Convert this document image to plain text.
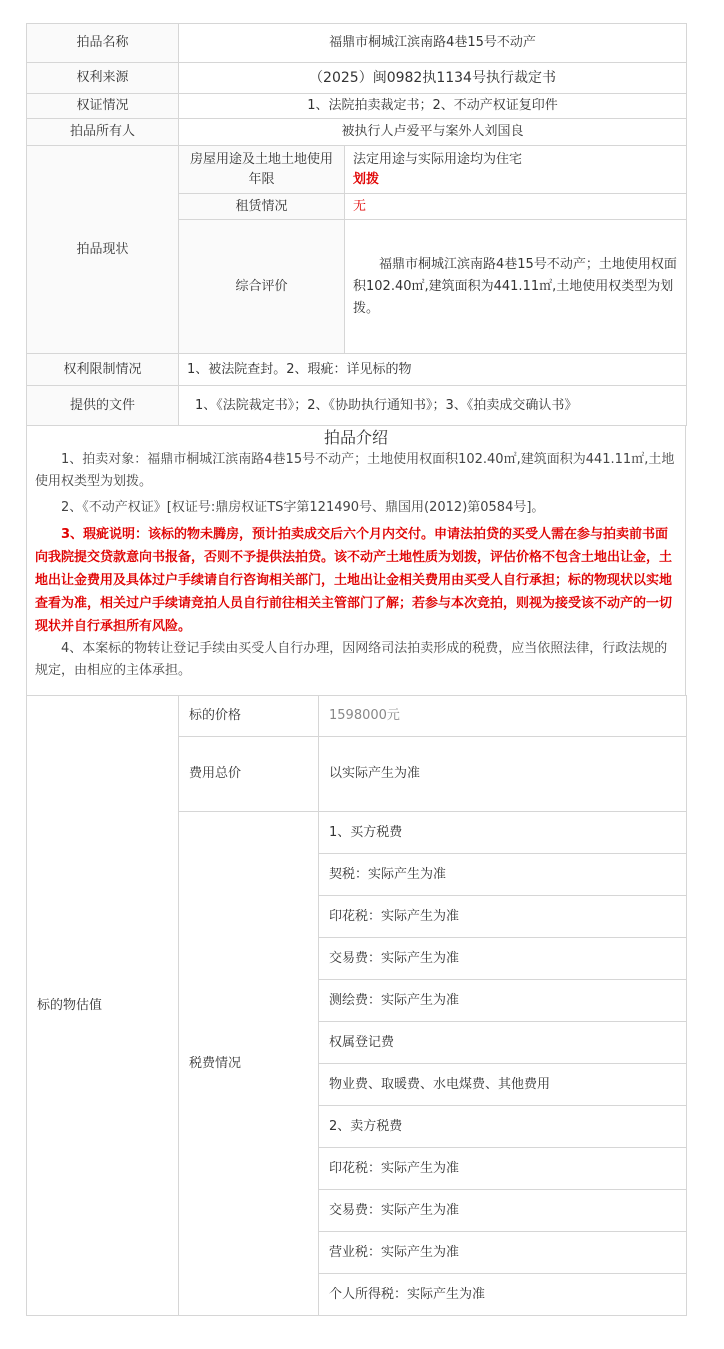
拍品名称	福鼎市桐城江滨南路4巷15号不动产	
权利来源	（2025）闽0982执1134号执行裁定书	
权证情况	1、法院拍卖裁定书；2、不动产权证复印件	
拍品所有人	被执行人卢爱平与案外人刘国良	
拍品现状	房屋用途及土地土地使用年限	法定用途与实际用途均为住宅
划拨

	租赁情况	无
	综合评价	福鼎市桐城江滨南路4巷15号不动产；土地使用权面积102.40㎡,建筑面积为441.11㎡,土地使用权类型为划拨。
权利限制情况	1、被法院查封。2、瑕疵：详见标的物	
提供的文件	1、《法院裁定书》；2、《协助执行通知书》；3、《拍卖成交确认书》	
拍品介绍

1、拍卖对象：福鼎市桐城江滨南路4巷15号不动产；土地使用权面积102.40㎡,建筑面积为441.11㎡,土地使用权类型为划拨。

2、《不动产权证》[权证号:鼎房权证TS字第121490号、鼎国用(2012)第0584号]。

3、瑕疵说明：该标的物未腾房，预计拍卖成交后六个月内交付。申请法拍贷的买受人需在参与拍卖前书面向我院提交贷款意向书报备，否则不予提供法拍贷。该不动产土地性质为划拨，评估价格不包含土地出让金，土地出让金费用及具体过户手续请自行咨询相关部门，土地出让金相关费用由买受人自行承担；标的物现状以实地查看为准，相关过户手续请竞拍人员自行前往相关主管部门了解；若参与本次竞拍，则视为接受该不动产的一切现状并自行承担所有风险。

4、本案标的物转让登记手续由买受人自行办理，因网络司法拍卖形成的税费，应当依照法律，行政法规的规定，由相应的主体承担。

标的物估值	标的价格	1598000元
	费用总价	以实际产生为准
	税费情况	1、买方税费
		契税：实际产生为准
		印花税：实际产生为准
		交易费：实际产生为准
		测绘费：实际产生为准
		权属登记费
		物业费、取暖费、水电煤费、其他费用
		2、卖方税费
		印花税：实际产生为准
		交易费：实际产生为准
		营业税：实际产生为准
		个人所得税：实际产生为准
